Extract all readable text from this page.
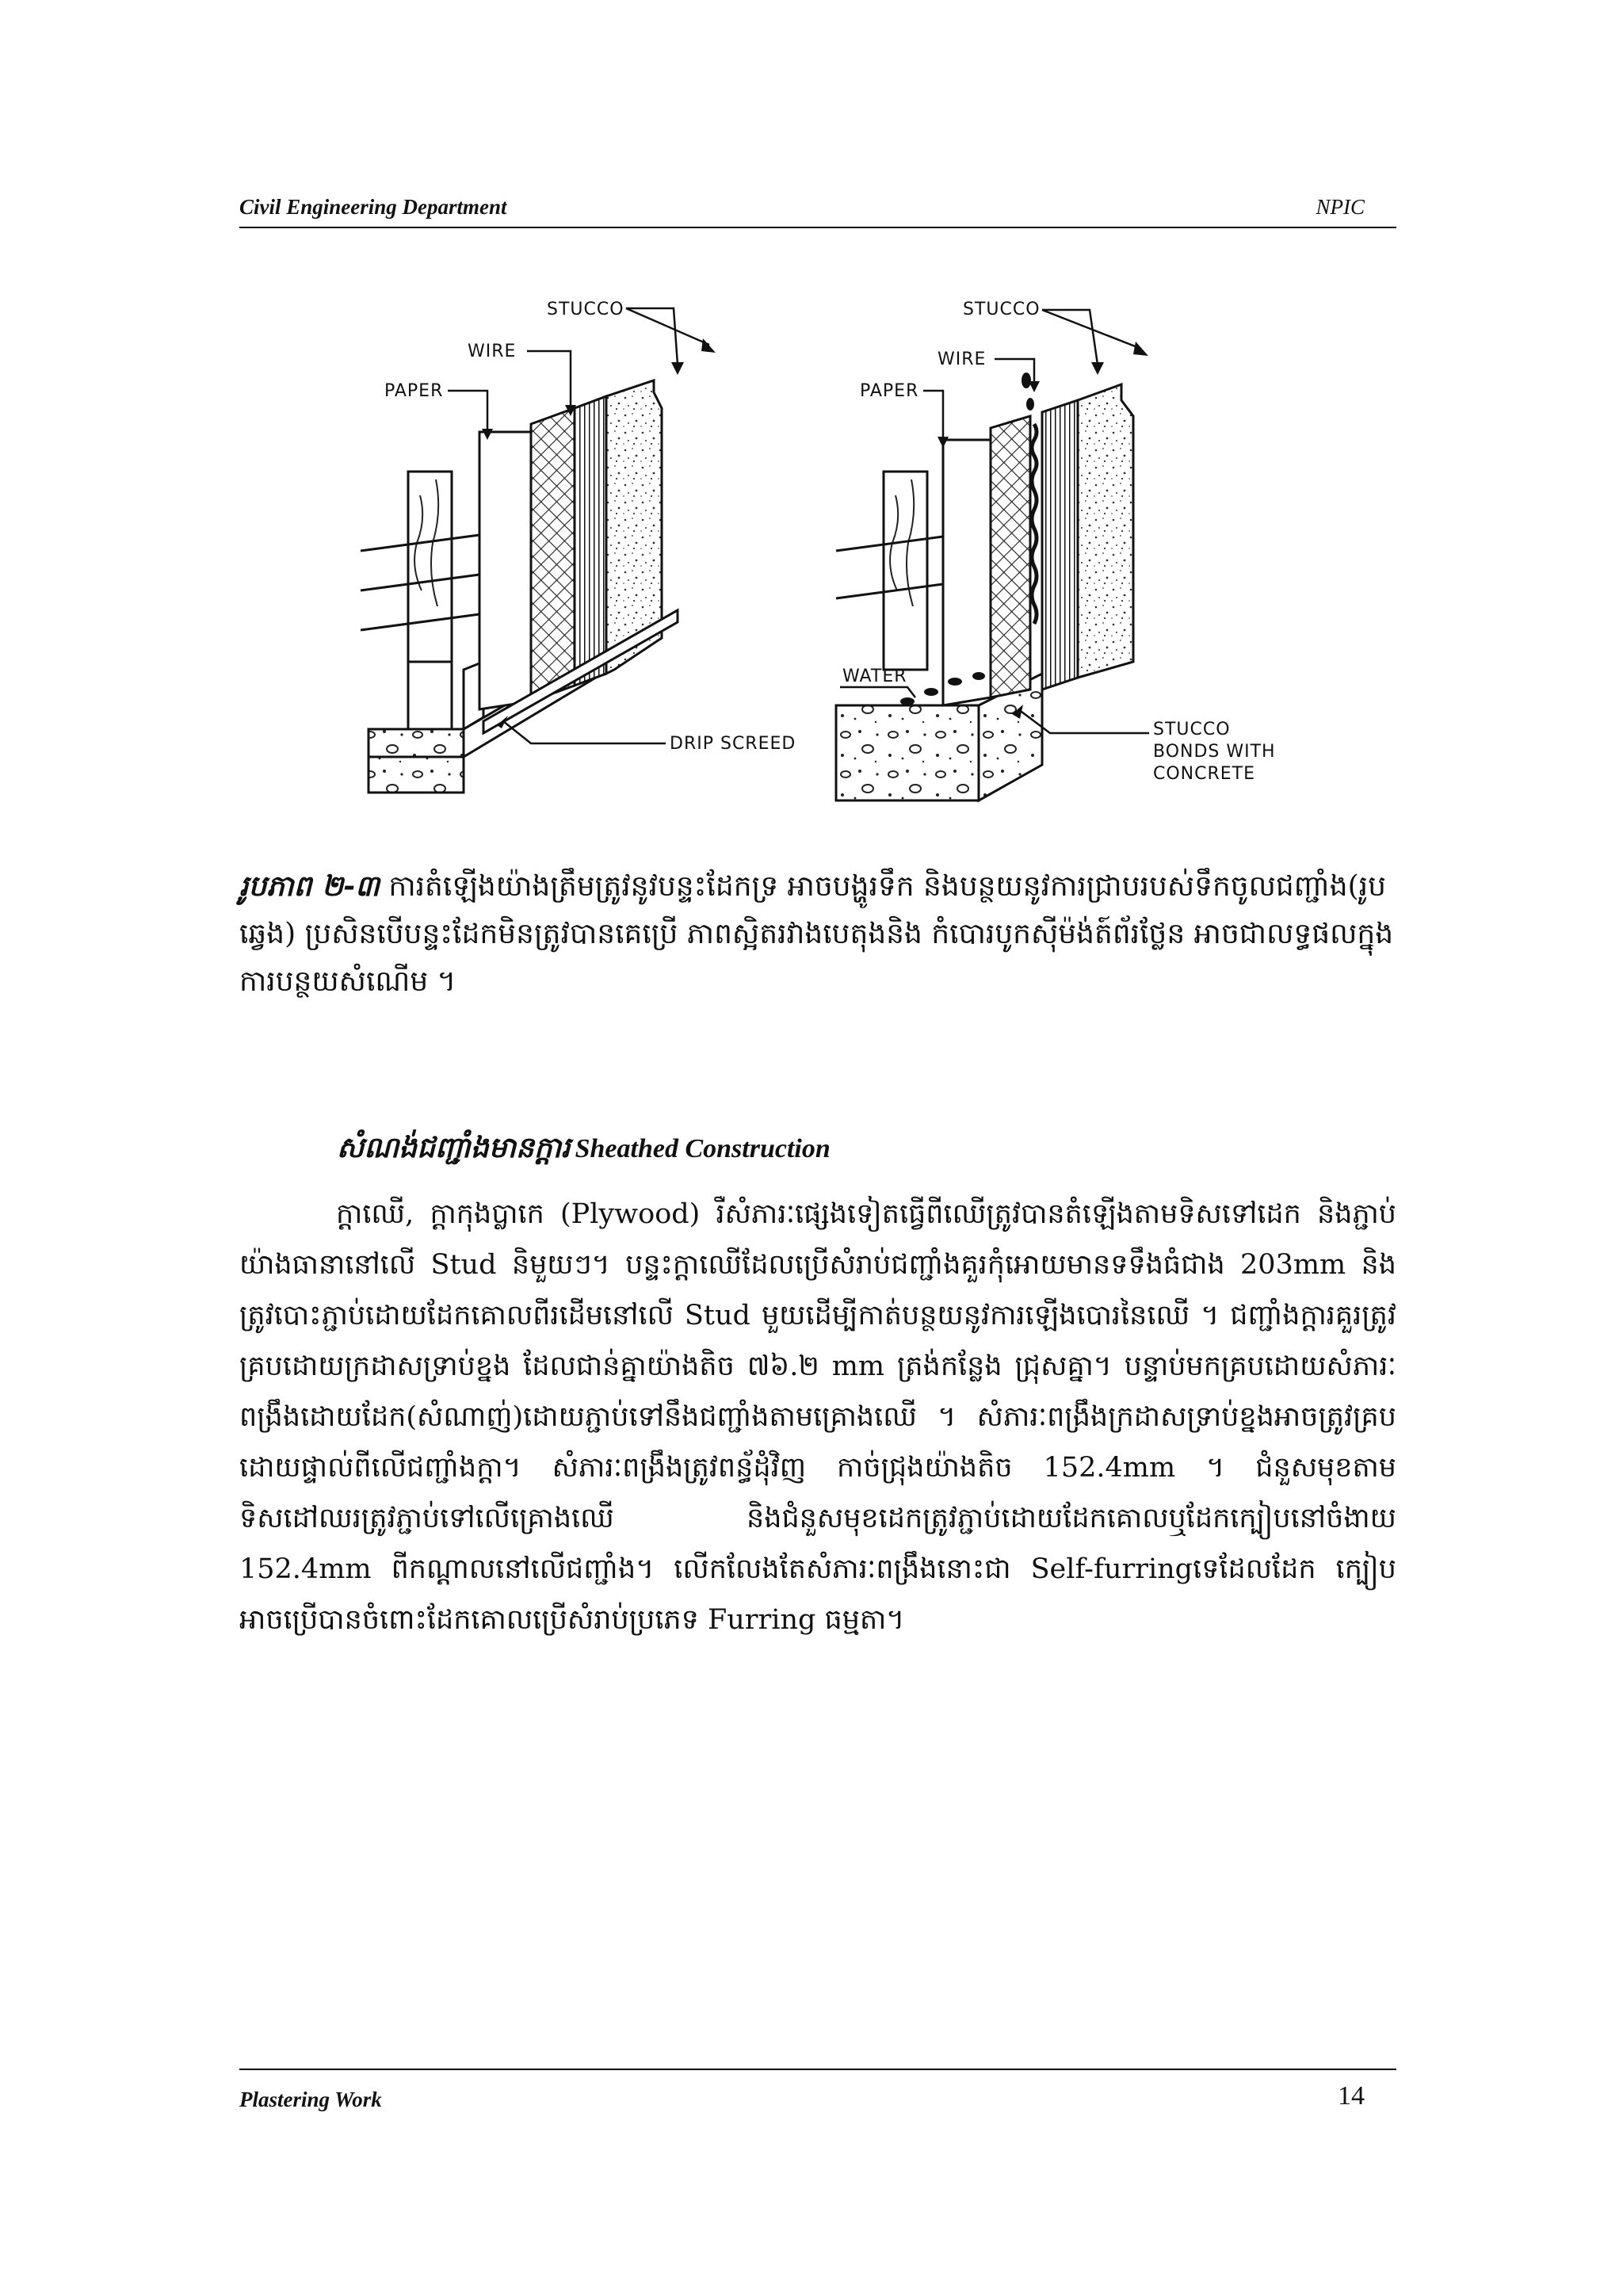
Civil Engineering Department	NPIC
STUCCO
WIRE
PAPER
DRIP SCREED
STUCCO
WIRE
PAPER
WATER
STUCCO
BONDS WITH
CONCRETE
រូបភាព ២-៣ ការតំឡើងយ៉ាងត្រឹមត្រូវនូវបន្ទះដែកទ្រ អាចបង្ហូរទឹក និងបន្ថយនូវការជ្រាបរបស់ទឹកចូលជញ្ជាំង(រូបឆ្វេង) ប្រសិនបើបន្ទះដែកមិនត្រូវបានគេប្រើ ភាពស្អិតរវាងបេតុងនិង កំបោរបូកស៊ីម៉ង់ត៍ព័រថ្លែន អាចជាលទ្ធផលក្នុងការបន្ថយសំណើម ។
សំណង់ជញ្ជាំងមានក្ដារ Sheathed Construction
ក្ដាឈើ, ក្ដាកុងប្លាកេ (Plywood) រឺសំភារៈផ្សេងទៀតធ្វើពីឈើត្រូវបានតំឡើងតាមទិសទៅដេក និងភ្ជាប់យ៉ាងធានានៅលើ Stud និមួយៗ។ បន្ទះក្ដាឈើដែលប្រើសំរាប់ជញ្ជាំងគួរកុំអោយមានទទឹងធំជាង 203mm និងត្រូវបោះភ្ជាប់ដោយដែកគោលពីរដើមនៅលើ Stud មួយដើម្បីកាត់បន្ថយនូវការឡើងបោរនៃឈើ ។ ជញ្ជាំងក្ដារគួរត្រូវគ្របដោយក្រដាសទ្រាប់ខ្នង ដែលជាន់គ្នាយ៉ាងតិច ៧៦.២ mm ត្រង់កន្លែង ជ្រុសគ្នា។ បន្ទាប់មកគ្របដោយសំភារៈពង្រឹងដោយដែក(សំណាញ់)ដោយភ្ជាប់ទៅនឹងជញ្ជាំងតាមគ្រោងឈើ ។ សំភារៈពង្រឹងក្រដាសទ្រាប់ខ្នងអាចត្រូវគ្របដោយផ្ទាល់ពីលើជញ្ជាំងក្ដា។ សំភារៈពង្រឹងត្រូវពន្ធ័ដុំវិញ កាច់ជ្រុងយ៉ាងតិច 152.4mm ។ ជំនួសមុខតាមទិសដៅឈរត្រូវភ្ជាប់ទៅលើគ្រោងឈើ និងជំនួសមុខដេកត្រូវភ្ជាប់ដោយដែកគោលឬដែកក្បៀបនៅចំងាយ 152.4mm ពីកណ្ដាលនៅលើជញ្ជាំង។ លើកលែងតែសំភារៈពង្រឹងនោះជា Self-furringទេដែលដែក ក្បៀបអាចប្រើបានចំពោះដែកគោលប្រើសំរាប់ប្រភេទ Furring ធម្មតា។
Plastering Work	14
